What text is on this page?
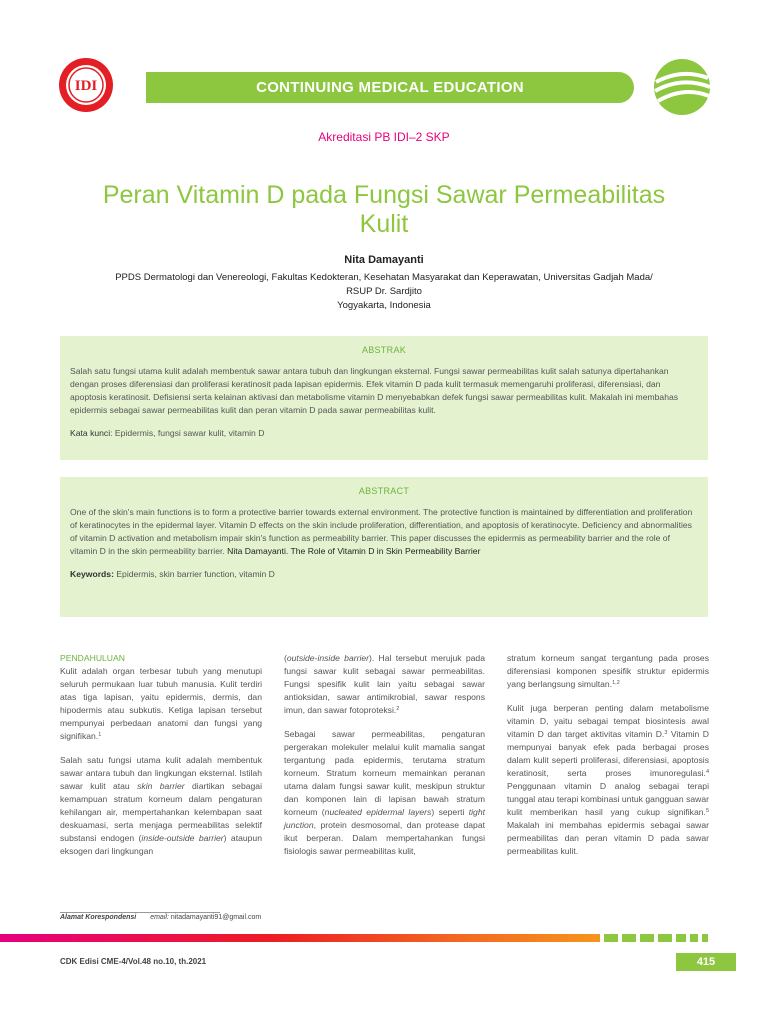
IDI	CONTINUING MEDICAL EDUCATION
Akreditasi PB IDI–2 SKP
Peran Vitamin D pada Fungsi Sawar Permeabilitas
Kulit
Nita Damayanti
PPDS Dermatologi dan Venereologi, Fakultas Kedokteran, Kesehatan Masyarakat dan Keperawatan, Universitas Gadjah Mada/
RSUP Dr. Sardjito
Yogyakarta, Indonesia
ABSTRAK
Salah satu fungsi utama kulit adalah membentuk sawar antara tubuh dan lingkungan eksternal. Fungsi sawar permeabilitas kulit salah satunya dipertahankan dengan proses diferensiasi dan proliferasi keratinosit pada lapisan epidermis. Efek vitamin D pada kulit termasuk memengaruhi proliferasi, diferensiasi, dan apoptosis keratinosit. Defisiensi serta kelainan aktivasi dan metabolisme vitamin D menyebabkan defek fungsi sawar permeabilitas kulit. Makalah ini membahas epidermis sebagai sawar permeabilitas kulit dan peran vitamin D pada sawar permeabilitas kulit.
Kata kunci: Epidermis, fungsi sawar kulit, vitamin D
ABSTRACT
One of the skin's main functions is to form a protective barrier towards external environment. The protective function is maintained by differentiation and proliferation of keratinocytes in the epidermal layer. Vitamin D effects on the skin include proliferation, differentiation, and apoptosis of keratinocyte. Deficiency and abnormalities of vitamin D activation and metabolism impair skin's function as permeability barrier. This paper discusses the epidermis as permeability barrier and the role of vitamin D in the skin permeability barrier. Nita Damayanti. The Role of Vitamin D in Skin Permeability Barrier
Keywords: Epidermis, skin barrier function, vitamin D

PENDAHULUAN

Kulit adalah organ terbesar tubuh yang menutupi seluruh permukaan luar tubuh manusia. Kulit terdiri atas tiga lapisan, yaitu epidermis, dermis, dan hipodermis atau subkutis. Ketiga lapisan tersebut mempunyai perbedaan anatomi dan fungsi yang signifikan.$^1$

Salah satu fungsi utama kulit adalah membentuk sawar antara tubuh dan lingkungan eksternal. Istilah sawar kulit atau skin barrier diartikan sebagai kemampuan stratum korneum dalam pengaturan kehilangan air, mempertahankan kelembapan saat deskuamasi, serta menjaga permeabilitas selektif substansi endogen (inside-outside barrier) ataupun eksogen dari lingkungan

(outside-inside barrier). Hal tersebut merujuk pada fungsi sawar kulit sebagai sawar permeabilitas. Fungsi spesifik kulit lain yaitu sebagai sawar antioksidan, sawar antimikrobial, sawar respons imun, dan sawar fotoproteksi.$^2$

Sebagai sawar permeabilitas, pengaturan pergerakan molekuler melalui kulit mamalia sangat tergantung pada epidermis, terutama stratum korneum. Stratum korneum memainkan peranan utama dalam fungsi sawar kulit, meskipun struktur dan komponen lain di lapisan bawah stratum korneum (nucleated epidermal layers) seperti tight junction, protein desmosomal, dan protease dapat ikut berperan. Dalam mempertahankan fungsi fisiologis sawar permeabilitas kulit,

stratum korneum sangat tergantung pada proses diferensiasi komponen spesifik struktur epidermis yang berlangsung simultan.$^{1,2}$

Kulit juga berperan penting dalam metabolisme vitamin D, yaitu sebagai tempat biosintesis awal vitamin D dan target aktivitas vitamin D.$^3$ Vitamin D mempunyai banyak efek pada berbagai proses dalam kulit seperti proliferasi, diferensiasi, apoptosis keratinosit, serta proses imunoregulasi.$^4$ Penggunaan vitamin D analog sebagai terapi tunggal atau terapi kombinasi untuk gangguan sawar kulit memberikan hasil yang cukup signifikan.$^5$ Makalah ini membahas epidermis sebagai sawar permeabilitas dan peran vitamin D pada sawar permeabilitas kulit.

Alamat Korespondensi email: nitadamayanti91@gmail.com
CDK Edisi CME-4/Vol.48 no.10, th.2021	415
